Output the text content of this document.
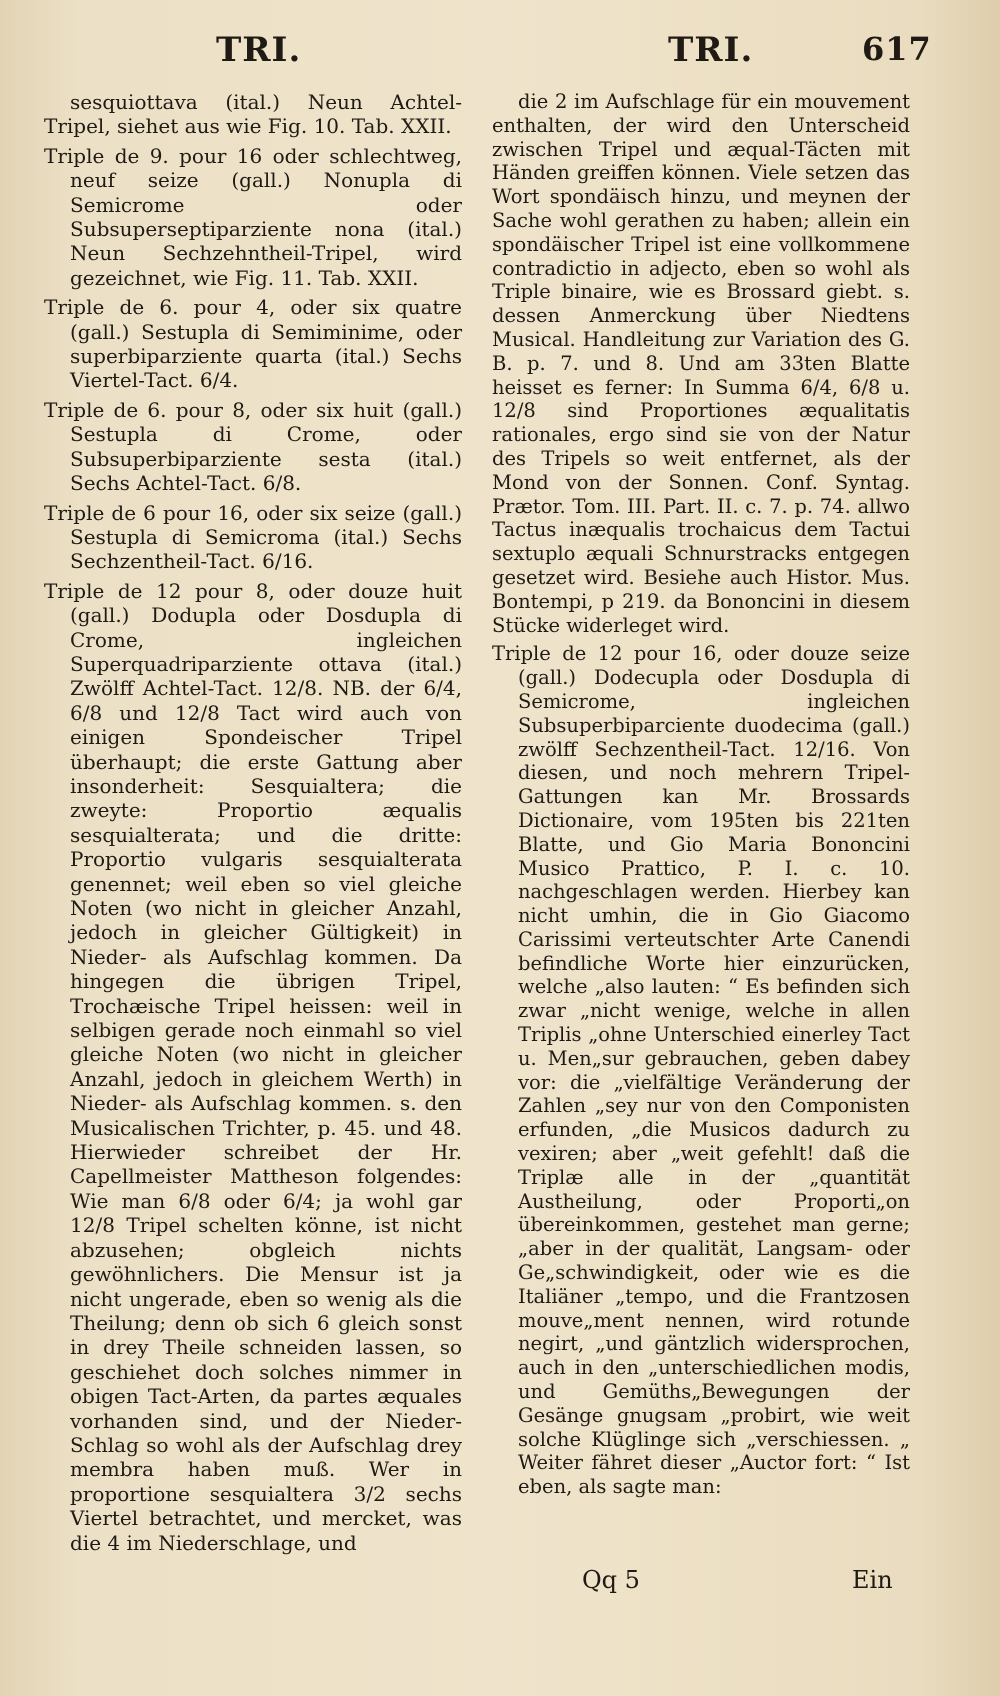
TRI.	TRI.	617

sesquiottava (ital.) Neun Achtel-Tripel, siehet aus wie Fig. 10. Tab. XXII.

Triple de 9. pour 16 oder schlechtweg, neuf seize (gall.) Nonupla di Semicrome oder Subsuperseptiparziente nona (ital.) Neun Sechzehntheil-Tripel, wird gezeichnet, wie Fig. 11. Tab. XXII.

Triple de 6. pour 4, oder six quatre (gall.) Sestupla di Semiminime, oder superbiparziente quarta (ital.) Sechs Viertel-Tact. 6/4.

Triple de 6. pour 8, oder six huit (gall.) Sestupla di Crome, oder Subsuperbiparziente sesta (ital.) Sechs Achtel-Tact. 6/8.

Triple de 6 pour 16, oder six seize (gall.) Sestupla di Semicroma (ital.) Sechs Sechzentheil-Tact. 6/16.

Triple de 12 pour 8, oder douze huit (gall.) Dodupla oder Dosdupla di Crome, ingleichen Superquadriparziente ottava (ital.) Zwölff Achtel-Tact. 12/8. NB. der 6/4, 6/8 und 12/8 Tact wird auch von einigen Spondeischer Tripel überhaupt; die erste Gattung aber insonderheit: Sesquialtera; die zweyte: Proportio æqualis sesquialterata; und die dritte: Proportio vulgaris sesquialterata genennet; weil eben so viel gleiche Noten (wo nicht in gleicher Anzahl, jedoch in gleicher Gültigkeit) in Nieder- als Aufschlag kommen. Da hingegen die übrigen Tripel, Trochæische Tripel heissen: weil in selbigen gerade noch einmahl so viel gleiche Noten (wo nicht in gleicher Anzahl, jedoch in gleichem Werth) in Nieder- als Aufschlag kommen. s. den Musicalischen Trichter, p. 45. und 48. Hierwieder schreibet der Hr. Capellmeister Mattheson folgendes: Wie man 6/8 oder 6/4; ja wohl gar 12/8 Tripel schelten könne, ist nicht abzusehen; obgleich nichts gewöhnlichers. Die Mensur ist ja nicht ungerade, eben so wenig als die Theilung; denn ob sich 6 gleich sonst in drey Theile schneiden lassen, so geschiehet doch solches nimmer in obigen Tact-Arten, da partes æquales vorhanden sind, und der Nieder-Schlag so wohl als der Aufschlag drey membra haben muß. Wer in proportione sesquialtera 3/2 sechs Viertel betrachtet, und mercket, was die 4 im Niederschlage, und

die 2 im Aufschlage für ein mouvement enthalten, der wird den Unterscheid zwischen Tripel und æqual-Täcten mit Händen greiffen können. Viele setzen das Wort spondäisch hinzu, und meynen der Sache wohl gerathen zu haben; allein ein spondäischer Tripel ist eine vollkommene contradictio in adjecto, eben so wohl als Triple binaire, wie es Brossard giebt. s. dessen Anmerckung über Niedtens Musical. Handleitung zur Variation des G. B. p. 7. und 8. Und am 33ten Blatte heisset es ferner: In Summa 6/4, 6/8 u. 12/8 sind Proportiones æqualitatis rationales, ergo sind sie von der Natur des Tripels so weit entfernet, als der Mond von der Sonnen. Conf. Syntag. Prætor. Tom. III. Part. II. c. 7. p. 74. allwo Tactus inæqualis trochaicus dem Tactui sextuplo æquali Schnurstracks entgegen gesetzet wird. Besiehe auch Histor. Mus. Bontempi, p 219. da Bononcini in diesem Stücke widerleget wird.

Triple de 12 pour 16, oder douze seize (gall.) Dodecupla oder Dosdupla di Semicrome, ingleichen Subsuperbiparciente duodecima (gall.) zwölff Sechzentheil-Tact. 12/16. Von diesen, und noch mehrern Tripel-Gattungen kan Mr. Brossards Dictionaire, vom 195ten bis 221ten Blatte, und Gio Maria Bononcini Musico Prattico, P. I. c. 10. nachgeschlagen werden. Hierbey kan nicht umhin, die in Gio Giacomo Carissimi verteutschter Arte Canendi befindliche Worte hier einzurücken, welche „also lauten: “ Es befinden sich zwar „nicht wenige, welche in allen Triplis „ohne Unterschied einerley Tact u. Men„sur gebrauchen, geben dabey vor: die „vielfältige Veränderung der Zahlen „sey nur von den Componisten erfunden, „die Musicos dadurch zu vexiren; aber „weit gefehlt! daß die Triplæ alle in der „quantität Austheilung, oder Proporti„on übereinkommen, gestehet man gerne; „aber in der qualität, Langsam- oder Ge„schwindigkeit, oder wie es die Italiäner „tempo, und die Frantzosen mouve„ment nennen, wird rotunde negirt, „und gäntzlich widersprochen, auch in den „unterschiedlichen modis, und Gemüths„Bewegungen der Gesänge gnugsam „probirt, wie weit solche Klüglinge sich „verschiessen. „ Weiter fähret dieser „Auctor fort: “ Ist eben, als sagte man:

Qq 5	Ein
